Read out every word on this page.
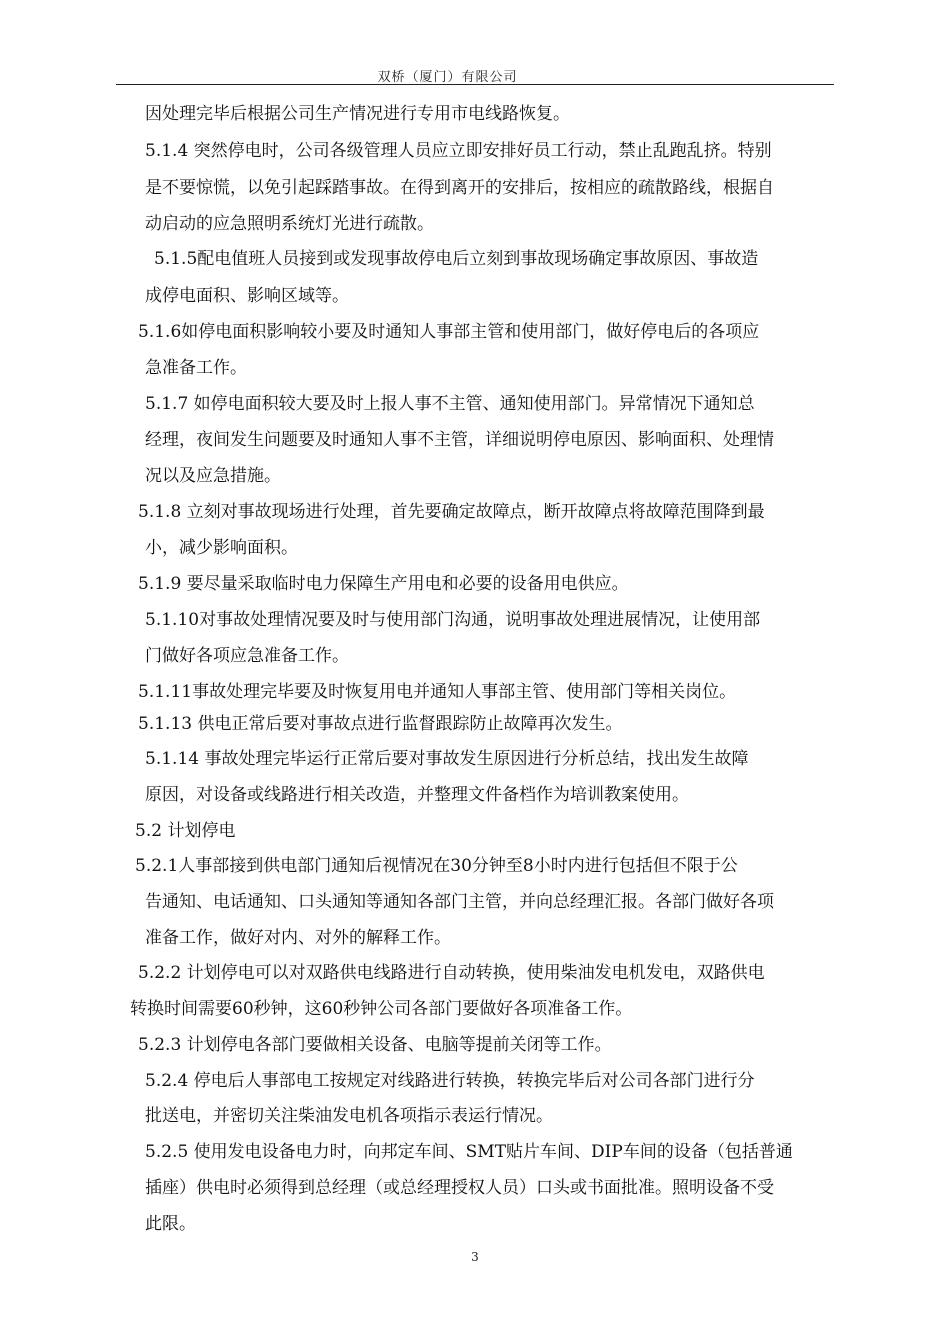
双桥（厦门）有限公司
因处理完毕后根据公司生产情况进行专用市电线路恢复。
5.1.4 突然停电时，公司各级管理人员应立即安排好员工行动，禁止乱跑乱挤。特别
是不要惊慌，以免引起踩踏事故。在得到离开的安排后，按相应的疏散路线，根据自
动启动的应急照明系统灯光进行疏散。
5.1.5配电值班人员接到或发现事故停电后立刻到事故现场确定事故原因、事故造
成停电面积、影响区域等。
5.1.6如停电面积影响较小要及时通知人事部主管和使用部门，做好停电后的各项应
急准备工作。
5.1.7 如停电面积较大要及时上报人事不主管、通知使用部门。异常情况下通知总
经理，夜间发生问题要及时通知人事不主管，详细说明停电原因、影响面积、处理情
况以及应急措施。
5.1.8 立刻对事故现场进行处理，首先要确定故障点，断开故障点将故障范围降到最
小，减少影响面积。
5.1.9 要尽量采取临时电力保障生产用电和必要的设备用电供应。
5.1.10对事故处理情况要及时与使用部门沟通，说明事故处理进展情况，让使用部
门做好各项应急准备工作。
5.1.11事故处理完毕要及时恢复用电并通知人事部主管、使用部门等相关岗位。
5.1.13 供电正常后要对事故点进行监督跟踪防止故障再次发生。
5.1.14 事故处理完毕运行正常后要对事故发生原因进行分析总结，找出发生故障
原因，对设备或线路进行相关改造，并整理文件备档作为培训教案使用。
5.2 计划停电
5.2.1人事部接到供电部门通知后视情况在30分钟至8小时内进行包括但不限于公
告通知、电话通知、口头通知等通知各部门主管，并向总经理汇报。各部门做好各项
准备工作，做好对内、对外的解释工作。
5.2.2 计划停电可以对双路供电线路进行自动转换，使用柴油发电机发电，双路供电
转换时间需要60秒钟，这60秒钟公司各部门要做好各项准备工作。
5.2.3 计划停电各部门要做相关设备、电脑等提前关闭等工作。
5.2.4 停电后人事部电工按规定对线路进行转换，转换完毕后对公司各部门进行分
批送电，并密切关注柴油发电机各项指示表运行情况。
5.2.5 使用发电设备电力时，向邦定车间、SMT贴片车间、DIP车间的设备（包括普通
插座）供电时必须得到总经理（或总经理授权人员）口头或书面批准。照明设备不受
此限。
3
